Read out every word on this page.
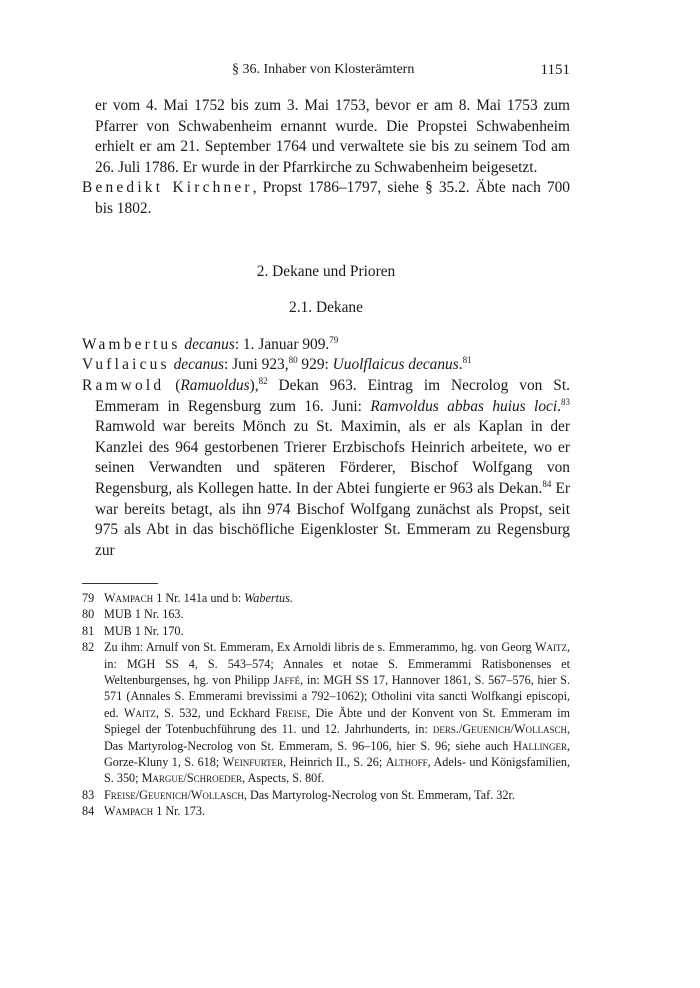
§ 36. Inhaber von Klosterämtern	1151

er vom 4. Mai 1752 bis zum 3. Mai 1753, bevor er am 8. Mai 1753 zum Pfarrer von Schwabenheim ernannt wurde. Die Propstei Schwabenheim erhielt er am 21. September 1764 und verwaltete sie bis zu seinem Tod am 26. Juli 1786. Er wurde in der Pfarrkirche zu Schwabenheim beigesetzt.

Benedikt Kirchner, Propst 1786–1797, siehe § 35.2. Äbte nach 700 bis 1802.

2. Dekane und Prioren

2.1. Dekane

Wambertus decanus: 1. Januar 909.79

Vuflaicus decanus: Juni 923,80 929: Uuolflaicus decanus.$^{81}$

Ramwold (Ramuoldus),$^{82}$ Dekan 963. Eintrag im Necrolog von St. Emmeram in Regensburg zum 16. Juni: Ramvoldus abbas huius loci.$^{83}$ Ramwold war bereits Mönch zu St. Maximin, als er als Kaplan in der Kanzlei des 964 gestorbenen Trierer Erzbischofs Heinrich arbeitete, wo er seinen Verwandten und späteren Förderer, Bischof Wolfgang von Regensburg, als Kollegen hatte. In der Abtei fungierte er 963 als Dekan.$^{84}$ Er war bereits betagt, als ihn 974 Bischof Wolfgang zunächst als Propst, seit 975 als Abt in das bischöfliche Eigenkloster St. Emmeram zu Regensburg zur

79 Wampach 1 Nr. 141a und b: Wabertus.

80 MUB 1 Nr. 163.

81 MUB 1 Nr. 170.

82 Zu ihm: Arnulf von St. Emmeram, Ex Arnoldi libris de s. Emmerammo, hg. von Georg Waitz, in: MGH SS 4, S. 543–574; Annales et notae S. Emmerammi Ratisbonenses et Weltenburgenses, hg. von Philipp Jaffé, in: MGH SS 17, Hannover 1861, S. 567–576, hier S. 571 (Annales S. Emmerami brevissimi a 792–1062); Otholini vita sancti Wolfkangi episcopi, ed. Waitz, S. 532, und Eckhard Freise, Die Äbte und der Konvent von St. Emmeram im Spiegel der Totenbuchführung des 11. und 12. Jahrhunderts, in: ders./Geuenich/Wollasch, Das Martyrolog-Necrolog von St. Emmeram, S. 96–106, hier S. 96; siehe auch Hallinger, Gorze-Kluny 1, S. 618; Weinfurter, Heinrich II., S. 26; Althoff, Adels- und Königsfamilien, S. 350; Margue/Schroeder, Aspects, S. 80f.

83 Freise/Geuenich/Wollasch, Das Martyrolog-Necrolog von St. Emmeram, Taf. 32r.

84 Wampach 1 Nr. 173.
